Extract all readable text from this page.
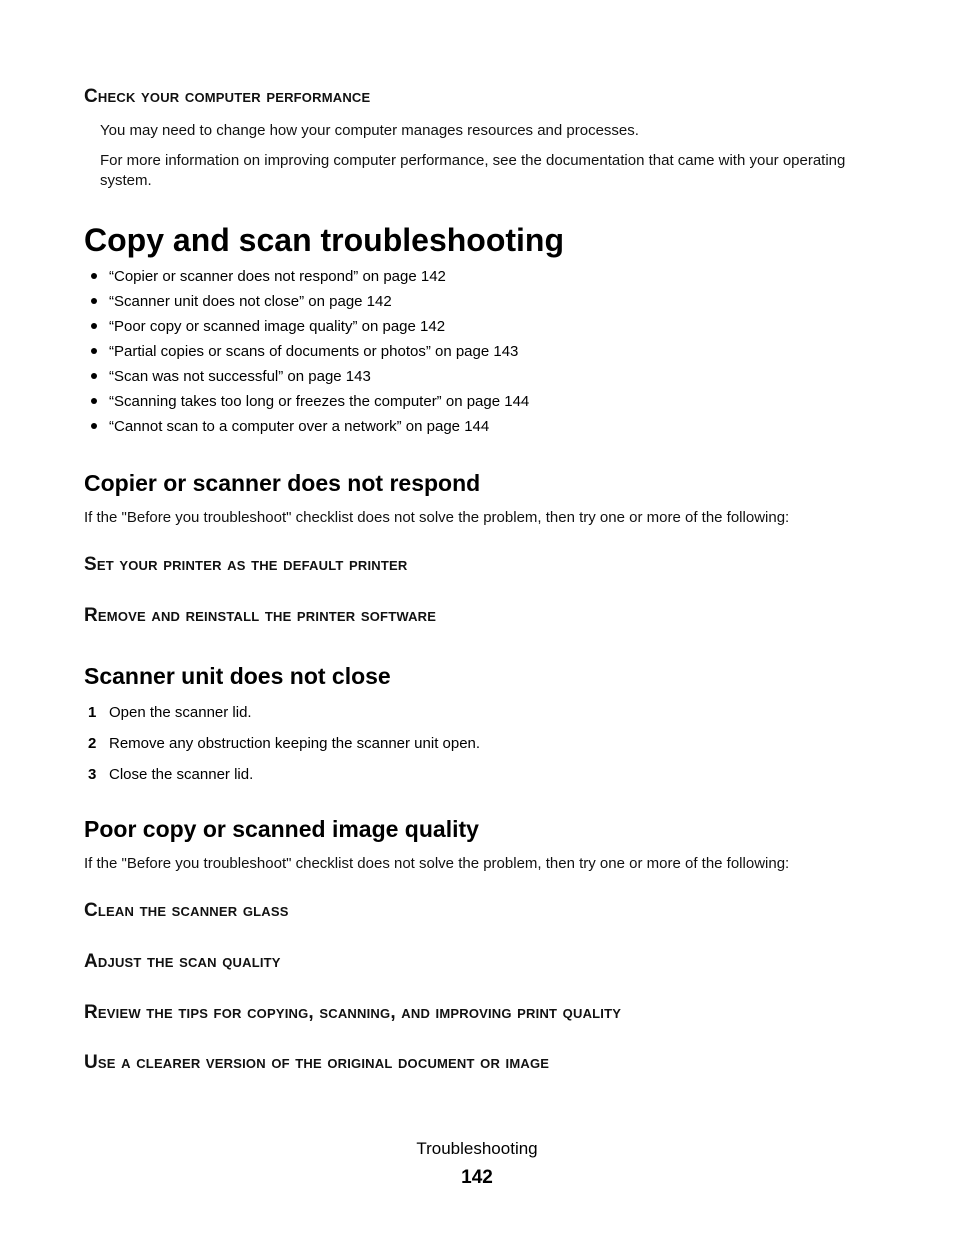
Check your computer performance
You may need to change how your computer manages resources and processes.
For more information on improving computer performance, see the documentation that came with your operating system.
Copy and scan troubleshooting
“Copier or scanner does not respond” on page 142
“Scanner unit does not close” on page 142
“Poor copy or scanned image quality” on page 142
“Partial copies or scans of documents or photos” on page 143
“Scan was not successful” on page 143
“Scanning takes too long or freezes the computer” on page 144
“Cannot scan to a computer over a network” on page 144
Copier or scanner does not respond
If the "Before you troubleshoot" checklist does not solve the problem, then try one or more of the following:
Set your printer as the default printer
Remove and reinstall the printer software
Scanner unit does not close
1 Open the scanner lid.
2 Remove any obstruction keeping the scanner unit open.
3 Close the scanner lid.
Poor copy or scanned image quality
If the "Before you troubleshoot" checklist does not solve the problem, then try one or more of the following:
Clean the scanner glass
Adjust the scan quality
Review the tips for copying, scanning, and improving print quality
Use a clearer version of the original document or image
Troubleshooting
142
